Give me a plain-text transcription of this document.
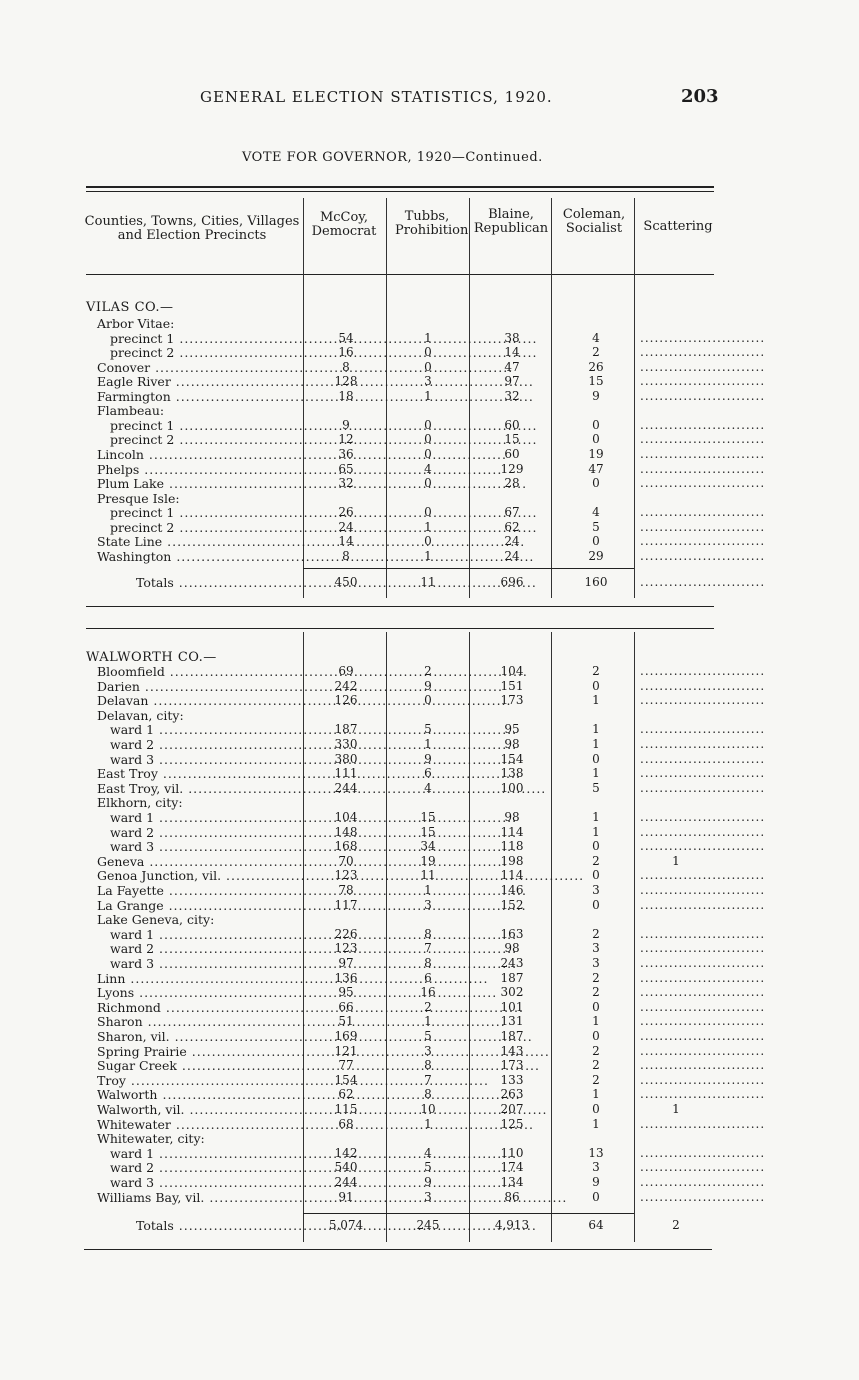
GENERAL ELECTION STATISTICS, 1920.	203
VOTE FOR GOVERNOR, 1920—Continued.
Counties, Towns, Cities, Villages and Election Precincts
McCoy, Democrat
Tubbs, Prohibition
Blaine, Republican
Coleman, Socialist	Scattering
VILAS CO.—
Arbor Vitae:
precinct 1 .....	54	1	38	4	..........................
precinct 2 .....	16	0	14	2	..........................
Conover .....	8	0	47	26	..........................
Eagle River .....	128	3	97	15	..........................
Farmington .....	18	1	32	9	..........................
Flambeau:
precinct 1 .....	9	0	60	0	..........................
precinct 2 .....	12	0	15	0	..........................
Lincoln .....	36	0	60	19	..........................
Phelps .....	65	4	129	47	..........................
Plum Lake .....	32	0	28	0	..........................
Presque Isle:
precinct 1 .....	26	0	67	4	..........................
precinct 2 .....	24	1	62	5	..........................
State Line .....	14	0	24	0	..........................
Washington .....	8	1	24	29	..........................
Totals .....	450	11	696	160	..........................
WALWORTH CO.—
Bloomfield .....	69	2	104	2	..........................
Darien .....	242	9	151	0	..........................
Delavan .....	126	0	173	1	..........................
Delavan, city:
ward 1 .....	187	5	95	1	..........................
ward 2 .....	330	1	98	1	..........................
ward 3 .....	380	9	154	0	..........................
East Troy .....	111	6	138	1	..........................
East Troy, vil. .....	244	4	100	5	..........................
Elkhorn, city:
ward 1 .....	104	15	98	1	..........................
ward 2 .....	148	15	114	1	..........................
ward 3 .....	168	34	118	0	..........................
Geneva .....	70	19	198	2	1
Genoa Junction, vil. .....	123	11	114	0	..........................
La Fayette .....	78	1	146	3	..........................
La Grange .....	117	3	152	0	..........................
Lake Geneva, city:
ward 1 .....	226	8	163	2	..........................
ward 2 .....	123	7	98	3	..........................
ward 3 .....	97	8	243	3	..........................
Linn .....	136	6	187	2	..........................
Lyons .....	95	16	302	2	..........................
Richmond .....	66	2	101	0	..........................
Sharon .....	51	1	131	1	..........................
Sharon, vil. .....	169	5	187	0	..........................
Spring Prairie .....	121	3	143	2	..........................
Sugar Creek .....	77	8	173	2	..........................
Troy .....	154	7	133	2	..........................
Walworth .....	62	8	263	1	..........................
Walworth, vil. .....	115	10	207	0	1
Whitewater .....	68	1	125	1	..........................
Whitewater, city:
ward 1 .....	142	4	110	13	..........................
ward 2 .....	540	5	174	3	..........................
ward 3 .....	244	9	134	9	..........................
Williams Bay, vil. .....	91	3	86	0	..........................
Totals .....	5,074	245	4,913	64	2
